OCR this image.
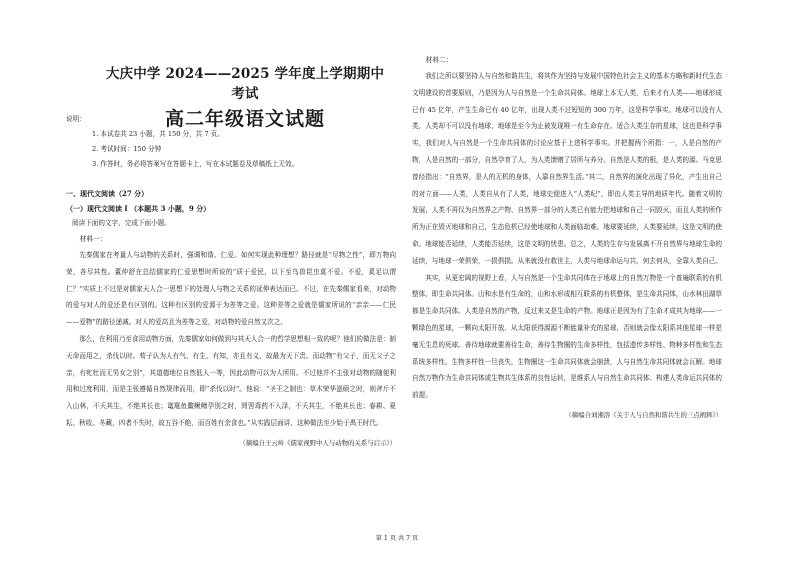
大庆中学 2024——2025 学年度上学期期中考试
高二年级语文试题
说明：
1. 本试卷共 23 小题，共 150 分，共 7 页。
2. 考试时间：150 分钟
3. 作答时，务必将答案写在答题卡上，写在本试题卷及草稿纸上无效。
一、现代文阅读（27 分）
（一）现代文阅读 I （本题共 3 小题，9 分）
阅读下面的文字，完成下面小题。
材料一：

先秦儒家在考量人与动物的关系时，强调和谐、仁爱。如何实现此种理想？路径就是“尽物之性”，即万物向荣，各尽其性。董仲舒在总结儒家的仁爱思想时所说的“质于爱民，以下至鸟兽昆虫莫不爱。不爱，奚足以谓仁？”实质上不过是对儒家天人合一思想下的处理人与物之关系的延伸表达而已。不过，在先秦儒家看来，对动物的爱与对人的爱还是有区别的。这种有区别的爱源于为差等之爱。这种差等之爱就是儒家所说的“亲亲——仁民——爱物”的路径递减。对人的爱高且为差等之爱，对动物的爱自然又次之。

那么，在利用乃至食用动物方面，先秦儒家如何做到与其天人合一的哲学思想相一致的呢？他们的做法是：制天命而用之，杀伐以时。荀子认为人有气、有生、有知，亦且有义，故最为天下贵。而动物“有父子，而无父子之亲，有牝牡而无男女之别”，其道德地位自然低人一等，因此动物可以为人所用。不过他并不主张对动物的随便利用和过度利用，而是主张遵循自然规律而用，即“杀伐以时”。他说：“圣王之制也：草木荣华滋硕之时，则斧斤不入山林，不夭其生，不绝其长也；鼋鼍鱼鳖鳅鳝孕别之时，罔罟毒药不入泽，不夭其生，不绝其长也；春耕、夏耘、秋收、冬藏，四者不失时，故五谷不绝，而百姓有余食也。”从实践层面讲，这种做法至少始于禹王时代。

（摘编自王云岭《儒家视野中人与动物的关系与启示》）
材料二：

我们之所以要坚持人与自然和谐共生，将其作为坚持与发展中国特色社会主义的基本方略和新时代生态文明建设的首要原则，乃是因为人与自然是一个生命共同体。地球上本无人类，后来才有人类——地球形成已有 45 亿年，产生生命已有 40 亿年，出现人类不过短短的 300 万年，这是科学事实。地球可以没有人类，人类却不可以没有地球，地球是至今为止被发现唯一有生命存在、适合人类生存的星球，这也是科学事实，我们对人与自然是一个生命共同体的讨论应基于上述科学事实。并把握两个所指：一，人是自然的产物，人是自然的一部分，自然孕育了人，为人类馈赠了居所与养分。自然是人类的根，是人类的源。马克思曾经指出：“自然界，是人的无机的身体，人靠自然界生活。”其二，自然界的演化出现了异化，产生出自己的对立面——人类，人类自从有了人类，地球史便进入“人类纪”，即由人类主导的地质年代。随着文明的发展，人类不再仅为自然界之产物、自然界一部分的人类已有能力把地球和自己一同毁灭，而且人类的所作所为正在毁灭地球和自己，生态危机已经使地球和人类面临劫难。地球要延续，人类要延续，这是文明的使命。地球能否延续，人类能否延续，这是文明的忧患。总之，人类的生存与发展离不开自然界与地球生命的延续，与地球一荣俱荣，一损俱损。从来就没有救世主，人类与地球命运与共，何去何从，全靠人类自己。

其实，从更宏阔的视野上看，人与自然是一个生命共同体在于地球上的自然万物是一个普遍联系的有机整体，即生命共同体。山和水是有生命的，山和水形成相互联系的有机整体，是生命共同体，山水林田湖草都是生命共同体。人类是自然的产物，反过来又是生命的产物。地球正是因为有了生命才成其为地球——一颗绿色的星球，一颗向太阳开放、从太阳获得源源不断能量补充的星球，否则就会像太阳系其他星球一样是毫无生息的死球。善待地球就要善待生命，善待生物圈的生命多样性，包括遗传多样性、物种多样性和生态系统多样性。生物多样性一旦丧失，生物圈这一生命共同体就会崩溃，人与自然生命共同体就会瓦解。地球自然万物作为生命共同体或生物共生体系的良性运转，是维系人与自然生命共同体、构建人类命运共同体的前提。

（摘编自刘湘溶《关于人与自然和谐共生的三点阐释》）
第 1 页 共 7 页
